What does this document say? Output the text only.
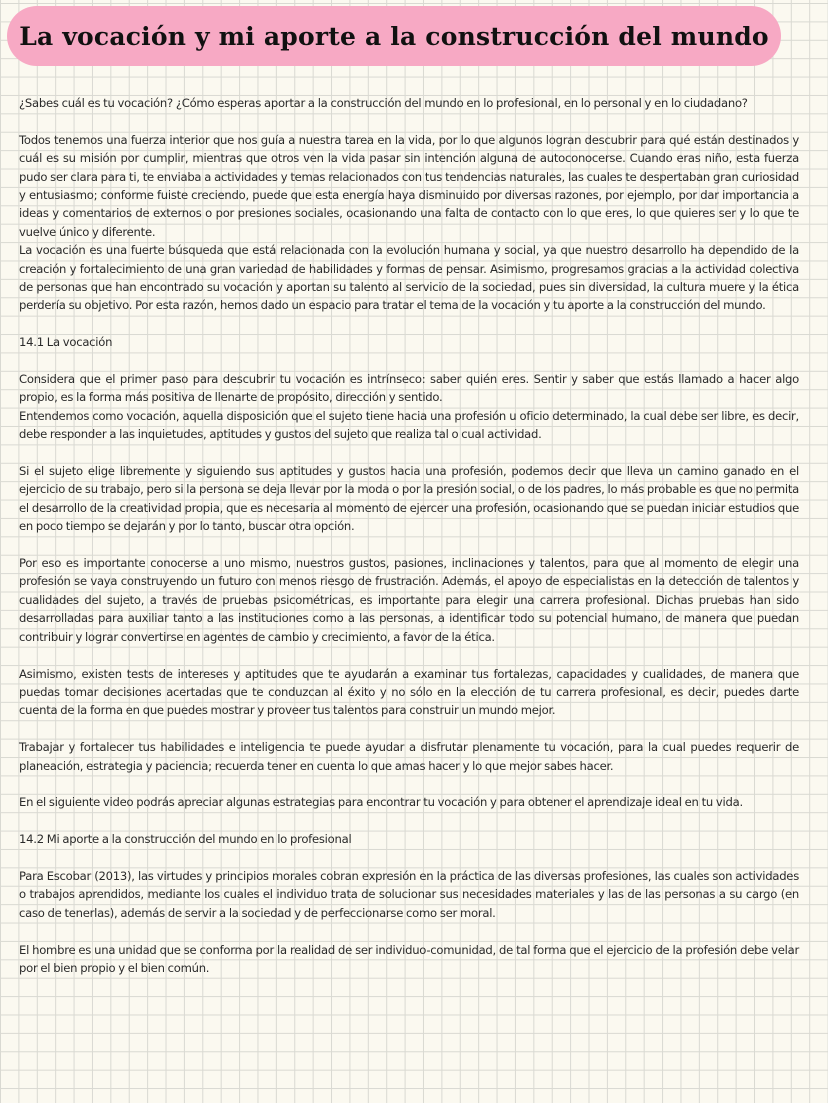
La vocación y mi aporte a la construcción del mundo

¿Sabes cuál es tu vocación? ¿Cómo esperas aportar a la construcción del mundo en lo profesional, en lo personal y en lo ciudadano?

Todos tenemos una fuerza interior que nos guía a nuestra tarea en la vida, por lo que algunos logran descubrir para qué están destinados y cuál es su misión por cumplir, mientras que otros ven la vida pasar sin intención alguna de autoconocerse. Cuando eras niño, esta fuerza pudo ser clara para ti, te enviaba a actividades y temas relacionados con tus tendencias naturales, las cuales te despertaban gran curiosidad y entusiasmo; conforme fuiste creciendo, puede que esta energía haya disminuido por diversas razones, por ejemplo, por dar importancia a ideas y comentarios de externos o por presiones sociales, ocasionando una falta de contacto con lo que eres, lo que quieres ser y lo que te vuelve único y diferente.

La vocación es una fuerte búsqueda que está relacionada con la evolución humana y social, ya que nuestro desarrollo ha dependido de la creación y fortalecimiento de una gran variedad de habilidades y formas de pensar. Asimismo, progresamos gracias a la actividad colectiva de personas que han encontrado su vocación y aportan su talento al servicio de la sociedad, pues sin diversidad, la cultura muere y la ética perdería su objetivo. Por esta razón, hemos dado un espacio para tratar el tema de la vocación y tu aporte a la construcción del mundo.

14.1 La vocación

Considera que el primer paso para descubrir tu vocación es intrínseco: saber quién eres. Sentir y saber que estás llamado a hacer algo propio, es la forma más positiva de llenarte de propósito, dirección y sentido.

Entendemos como vocación, aquella disposición que el sujeto tiene hacia una profesión u oficio determinado, la cual debe ser libre, es decir, debe responder a las inquietudes, aptitudes y gustos del sujeto que realiza tal o cual actividad.

Si el sujeto elige libremente y siguiendo sus aptitudes y gustos hacia una profesión, podemos decir que lleva un camino ganado en el ejercicio de su trabajo, pero si la persona se deja llevar por la moda o por la presión social, o de los padres, lo más probable es que no permita el desarrollo de la creatividad propia, que es necesaria al momento de ejercer una profesión, ocasionando que se puedan iniciar estudios que en poco tiempo se dejarán y por lo tanto, buscar otra opción.

Por eso es importante conocerse a uno mismo, nuestros gustos, pasiones, inclinaciones y talentos, para que al momento de elegir una profesión se vaya construyendo un futuro con menos riesgo de frustración. Además, el apoyo de especialistas en la detección de talentos y cualidades del sujeto, a través de pruebas psicométricas, es importante para elegir una carrera profesional. Dichas pruebas han sido desarrolladas para auxiliar tanto a las instituciones como a las personas, a identificar todo su potencial humano, de manera que puedan contribuir y lograr convertirse en agentes de cambio y crecimiento, a favor de la ética.

Asimismo, existen tests de intereses y aptitudes que te ayudarán a examinar tus fortalezas, capacidades y cualidades, de manera que puedas tomar decisiones acertadas que te conduzcan al éxito y no sólo en la elección de tu carrera profesional, es decir, puedes darte cuenta de la forma en que puedes mostrar y proveer tus talentos para construir un mundo mejor.

Trabajar y fortalecer tus habilidades e inteligencia te puede ayudar a disfrutar plenamente tu vocación, para la cual puedes requerir de planeación, estrategia y paciencia; recuerda tener en cuenta lo que amas hacer y lo que mejor sabes hacer.

En el siguiente video podrás apreciar algunas estrategias para encontrar tu vocación y para obtener el aprendizaje ideal en tu vida.

14.2 Mi aporte a la construcción del mundo en lo profesional

Para Escobar (2013), las virtudes y principios morales cobran expresión en la práctica de las diversas profesiones, las cuales son actividades o trabajos aprendidos, mediante los cuales el individuo trata de solucionar sus necesidades materiales y las de las personas a su cargo (en caso de tenerlas), además de servir a la sociedad y de perfeccionarse como ser moral.

El hombre es una unidad que se conforma por la realidad de ser individuo-comunidad, de tal forma que el ejercicio de la profesión debe velar por el bien propio y el bien común.
